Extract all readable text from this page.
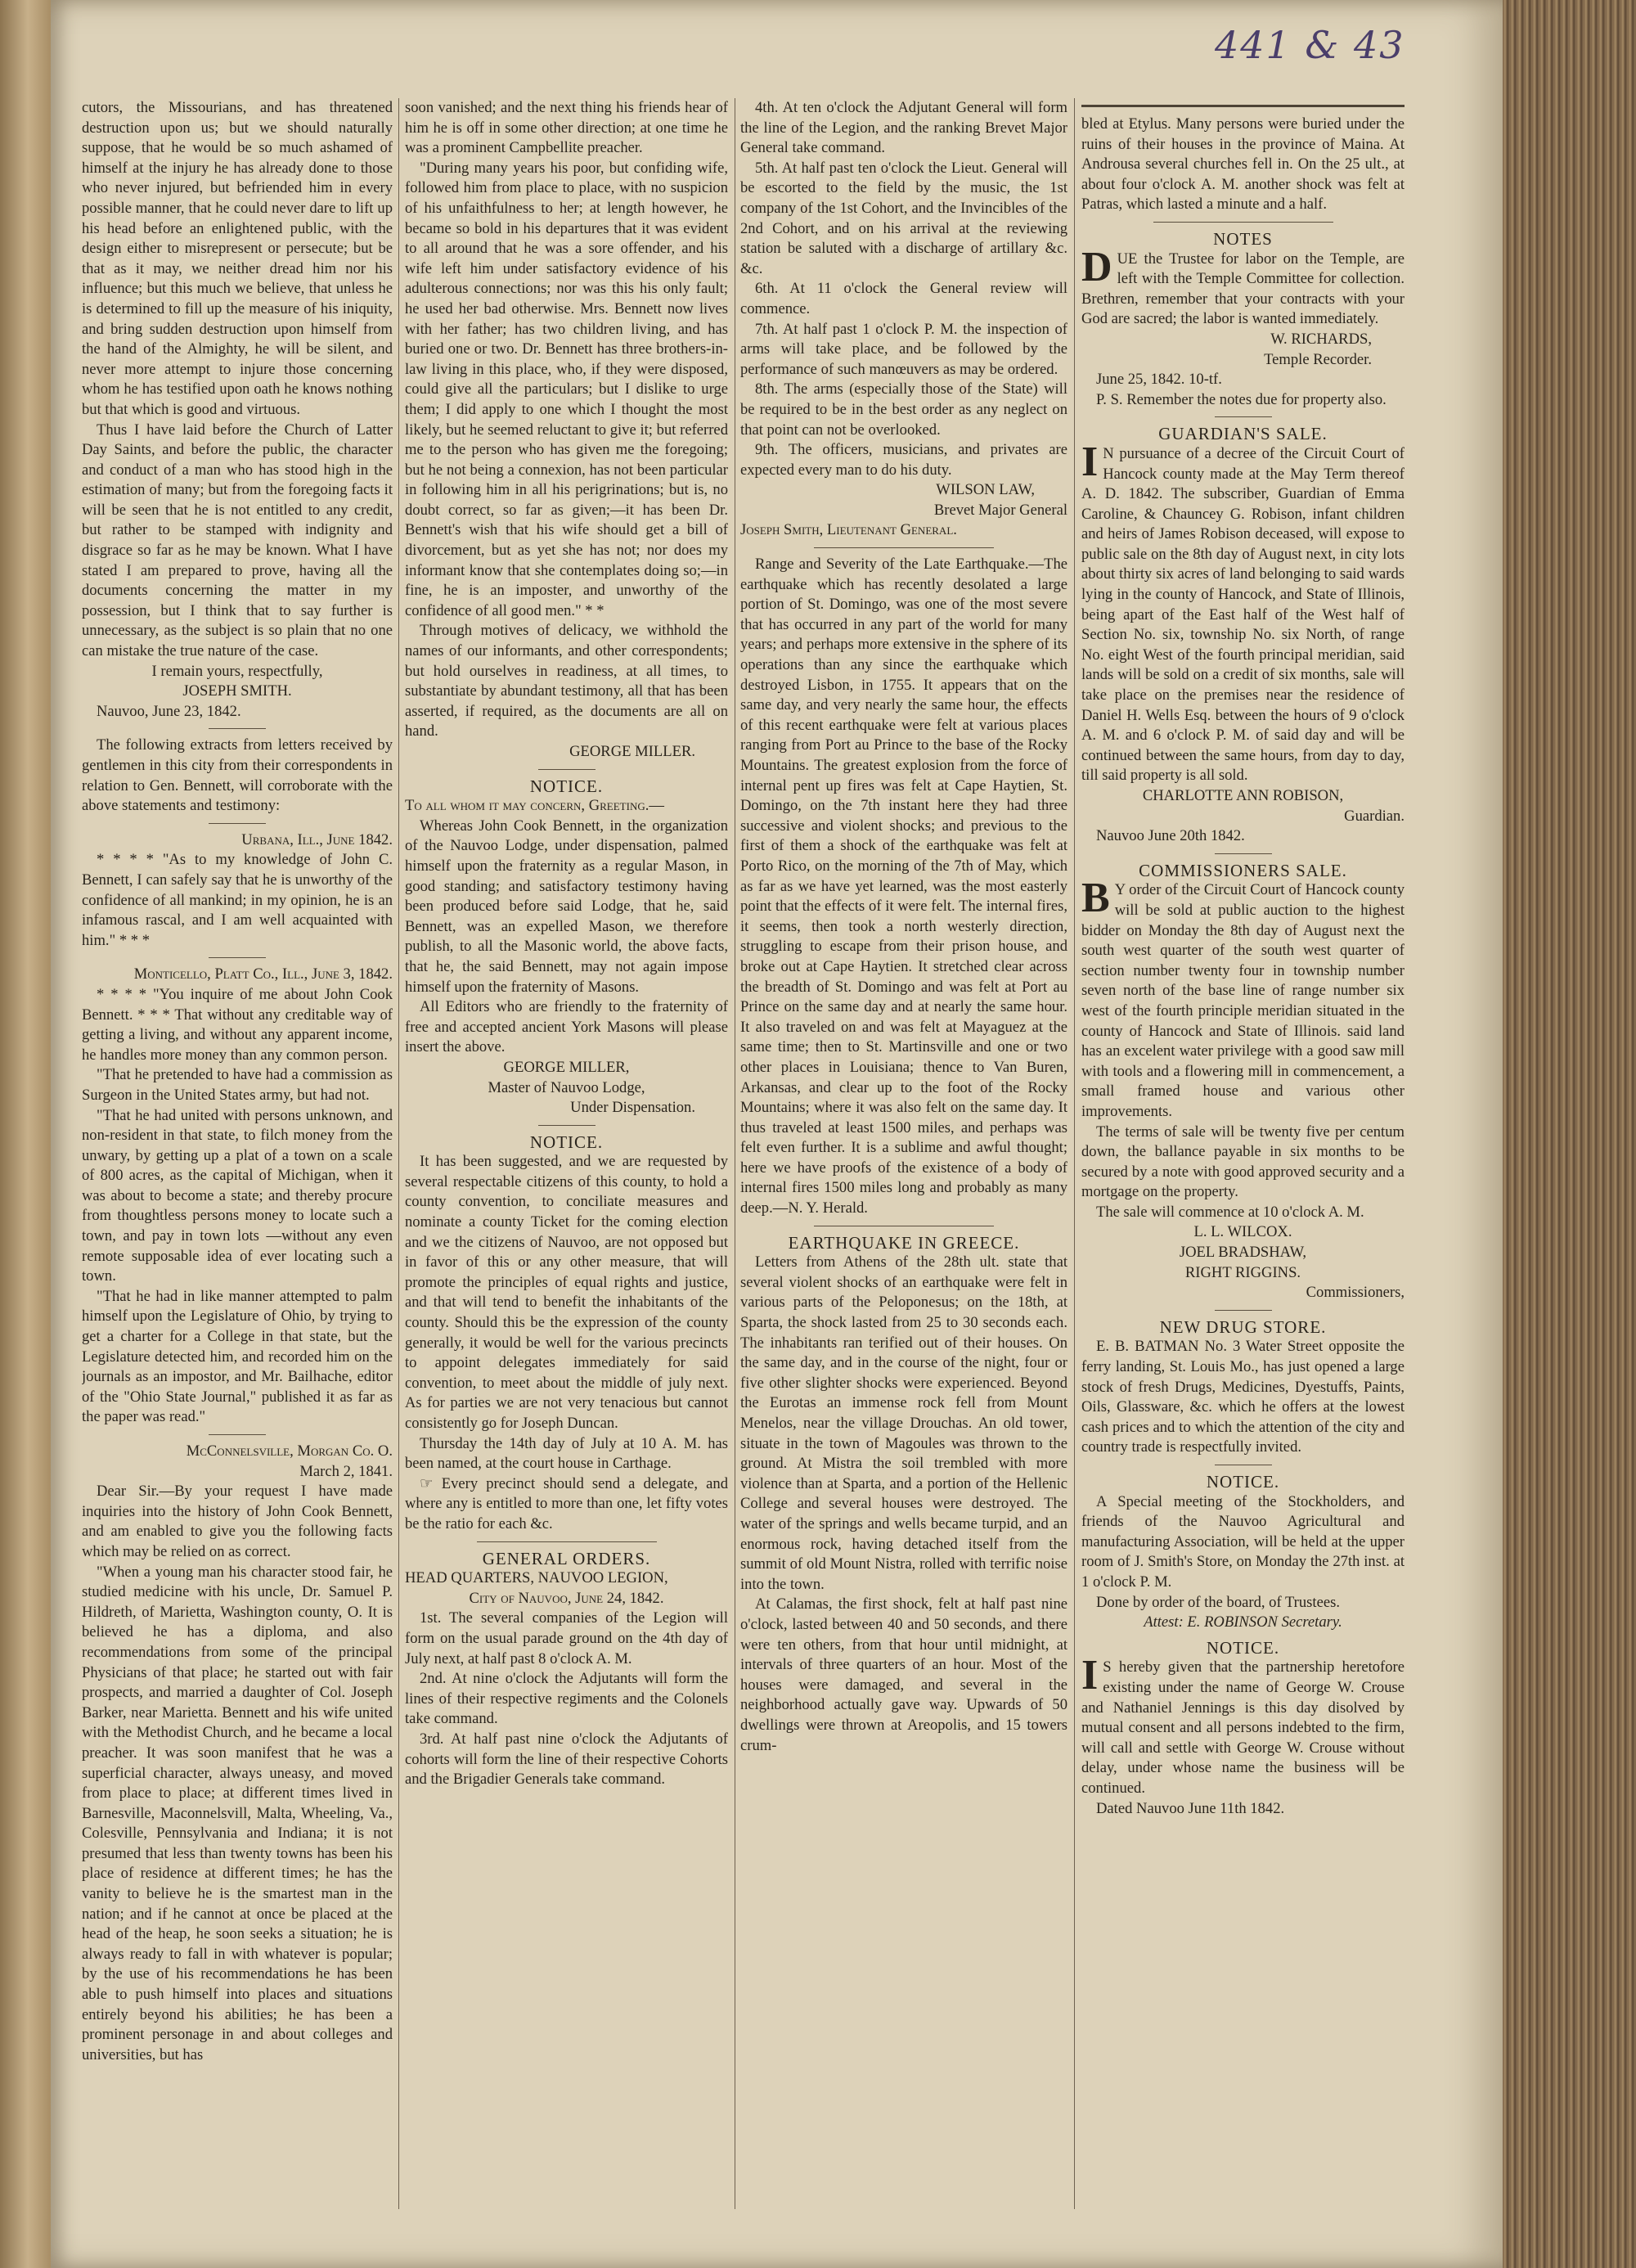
441 & 43

cutors, the Missourians, and has threatened destruction upon us; but we should naturally suppose, that he would be so much ashamed of himself at the injury he has already done to those who never injured, but befriended him in every possible manner, that he could never dare to lift up his head before an enlightened public, with the design either to misrepresent or persecute; but be that as it may, we neither dread him nor his influence; but this much we believe, that unless he is determined to fill up the measure of his iniquity, and bring sudden destruction upon himself from the hand of the Almighty, he will be silent, and never more attempt to injure those concerning whom he has testified upon oath he knows nothing but that which is good and virtuous.

Thus I have laid before the Church of Latter Day Saints, and before the public, the character and conduct of a man who has stood high in the estimation of many; but from the foregoing facts it will be seen that he is not entitled to any credit, but rather to be stamped with indignity and disgrace so far as he may be known. What I have stated I am prepared to prove, having all the documents concerning the matter in my possession, but I think that to say further is unnecessary, as the subject is so plain that no one can mistake the true nature of the case.

I remain yours, respectfully,

JOSEPH SMITH.

Nauvoo, June 23, 1842.

The following extracts from letters received by gentlemen in this city from their correspondents in relation to Gen. Bennett, will corroborate with the above statements and testimony:

Urbana, Ill., June 1842.

* * * * "As to my knowledge of John C. Bennett, I can safely say that he is unworthy of the confidence of all mankind; in my opinion, he is an infamous rascal, and I am well acquainted with him." * * *

Monticello, Platt Co., Ill., June 3, 1842.

* * * * "You inquire of me about John Cook Bennett. * * * That without any creditable way of getting a living, and without any apparent income, he handles more money than any common person.

"That he pretended to have had a commission as Surgeon in the United States army, but had not.

"That he had united with persons unknown, and non-resident in that state, to filch money from the unwary, by getting up a plat of a town on a scale of 800 acres, as the capital of Michigan, when it was about to become a state; and thereby procure from thoughtless persons money to locate such a town, and pay in town lots —without any even remote supposable idea of ever locating such a town.

"That he had in like manner attempted to palm himself upon the Legislature of Ohio, by trying to get a charter for a College in that state, but the Legislature detected him, and recorded him on the journals as an impostor, and Mr. Bailhache, editor of the "Ohio State Journal," published it as far as the paper was read."

McConnelsville, Morgan Co. O.

March 2, 1841.

Dear Sir.—By your request I have made inquiries into the history of John Cook Bennett, and am enabled to give you the following facts which may be relied on as correct.

"When a young man his character stood fair, he studied medicine with his uncle, Dr. Samuel P. Hildreth, of Marietta, Washington county, O. It is believed he has a diploma, and also recommendations from some of the principal Physicians of that place; he started out with fair prospects, and married a daughter of Col. Joseph Barker, near Marietta. Bennett and his wife united with the Methodist Church, and he became a local preacher. It was soon manifest that he was a superficial character, always uneasy, and moved from place to place; at different times lived in Barnesville, Maconnelsvill, Malta, Wheeling, Va., Colesville, Pennsylvania and Indiana; it is not presumed that less than twenty towns has been his place of residence at different times; he has the vanity to believe he is the smartest man in the nation; and if he cannot at once be placed at the head of the heap, he soon seeks a situation; he is always ready to fall in with whatever is popular; by the use of his recommendations he has been able to push himself into places and situations entirely beyond his abilities; he has been a prominent personage in and about colleges and universities, but has

soon vanished; and the next thing his friends hear of him he is off in some other direction; at one time he was a prominent Campbellite preacher.

"During many years his poor, but confiding wife, followed him from place to place, with no suspicion of his unfaithfulness to her; at length however, he became so bold in his departures that it was evident to all around that he was a sore offender, and his wife left him under satisfactory evidence of his adulterous connections; nor was this his only fault; he used her bad otherwise. Mrs. Bennett now lives with her father; has two children living, and has buried one or two. Dr. Bennett has three brothers-in-law living in this place, who, if they were disposed, could give all the particulars; but I dislike to urge them; I did apply to one which I thought the most likely, but he seemed reluctant to give it; but referred me to the person who has given me the foregoing; but he not being a connexion, has not been particular in following him in all his perigrinations; but is, no doubt correct, so far as given;—it has been Dr. Bennett's wish that his wife should get a bill of divorcement, but as yet she has not; nor does my informant know that she contemplates doing so;—in fine, he is an imposter, and unworthy of the confidence of all good men." * *

Through motives of delicacy, we withhold the names of our informants, and other correspondents; but hold ourselves in readiness, at all times, to substantiate by abundant testimony, all that has been asserted, if required, as the documents are all on hand.

GEORGE MILLER.

NOTICE.

To all whom it may concern, Greeting.—

Whereas John Cook Bennett, in the organization of the Nauvoo Lodge, under dispensation, palmed himself upon the fraternity as a regular Mason, in good standing; and satisfactory testimony having been produced before said Lodge, that he, said Bennett, was an expelled Mason, we therefore publish, to all the Masonic world, the above facts, that he, the said Bennett, may not again impose himself upon the fraternity of Masons.

All Editors who are friendly to the fraternity of free and accepted ancient York Masons will please insert the above.

GEORGE MILLER,

Master of Nauvoo Lodge,

Under Dispensation.

NOTICE.

It has been suggested, and we are requested by several respectable citizens of this county, to hold a county convention, to conciliate measures and nominate a county Ticket for the coming election and we the citizens of Nauvoo, are not opposed but in favor of this or any other measure, that will promote the principles of equal rights and justice, and that will tend to benefit the inhabitants of the county. Should this be the expression of the county generally, it would be well for the various precincts to appoint delegates immediately for said convention, to meet about the middle of july next. As for parties we are not very tenacious but cannot consistently go for Joseph Duncan.

Thursday the 14th day of July at 10 A. M. has been named, at the court house in Carthage.

☞ Every precinct should send a delegate, and where any is entitled to more than one, let fifty votes be the ratio for each &c.

GENERAL ORDERS.

HEAD QUARTERS, NAUVOO LEGION,

City of Nauvoo, June 24, 1842.

1st. The several companies of the Legion will form on the usual parade ground on the 4th day of July next, at half past 8 o'clock A. M.

2nd. At nine o'clock the Adjutants will form the lines of their respective regiments and the Colonels take command.

3rd. At half past nine o'clock the Adjutants of cohorts will form the line of their respective Cohorts and the Brigadier Generals take command.

4th. At ten o'clock the Adjutant General will form the line of the Legion, and the ranking Brevet Major General take command.

5th. At half past ten o'clock the Lieut. General will be escorted to the field by the music, the 1st company of the 1st Cohort, and the Invincibles of the 2nd Cohort, and on his arrival at the reviewing station be saluted with a discharge of artillary &c. &c.

6th. At 11 o'clock the General review will commence.

7th. At half past 1 o'clock P. M. the inspection of arms will take place, and be followed by the performance of such manœuvers as may be ordered.

8th. The arms (especially those of the State) will be required to be in the best order as any neglect on that point can not be overlooked.

9th. The officers, musicians, and privates are expected every man to do his duty.

WILSON LAW,

Brevet Major General

Joseph Smith, Lieutenant General.

Range and Severity of the Late Earthquake.—The earthquake which has recently desolated a large portion of St. Domingo, was one of the most severe that has occurred in any part of the world for many years; and perhaps more extensive in the sphere of its operations than any since the earthquake which destroyed Lisbon, in 1755. It appears that on the same day, and very nearly the same hour, the effects of this recent earthquake were felt at various places ranging from Port au Prince to the base of the Rocky Mountains. The greatest explosion from the force of internal pent up fires was felt at Cape Haytien, St. Domingo, on the 7th instant here they had three successive and violent shocks; and previous to the first of them a shock of the earthquake was felt at Porto Rico, on the morning of the 7th of May, which as far as we have yet learned, was the most easterly point that the effects of it were felt. The internal fires, it seems, then took a north westerly direction, struggling to escape from their prison house, and broke out at Cape Haytien. It stretched clear across the breadth of St. Domingo and was felt at Port au Prince on the same day and at nearly the same hour. It also traveled on and was felt at Mayaguez at the same time; then to St. Martinsville and one or two other places in Louisiana; thence to Van Buren, Arkansas, and clear up to the foot of the Rocky Mountains; where it was also felt on the same day. It thus traveled at least 1500 miles, and perhaps was felt even further. It is a sublime and awful thought; here we have proofs of the existence of a body of internal fires 1500 miles long and probably as many deep.—N. Y. Herald.

EARTHQUAKE IN GREECE.

Letters from Athens of the 28th ult. state that several violent shocks of an earthquake were felt in various parts of the Peloponesus; on the 18th, at Sparta, the shock lasted from 25 to 30 seconds each. The inhabitants ran terified out of their houses. On the same day, and in the course of the night, four or five other slighter shocks were experienced. Beyond the Eurotas an immense rock fell from Mount Menelos, near the village Drouchas. An old tower, situate in the town of Magoules was thrown to the ground. At Mistra the soil trembled with more violence than at Sparta, and a portion of the Hellenic College and several houses were destroyed. The water of the springs and wells became turpid, and an enormous rock, having detached itself from the summit of old Mount Nistra, rolled with terrific noise into the town.

At Calamas, the first shock, felt at half past nine o'clock, lasted between 40 and 50 seconds, and there were ten others, from that hour until midnight, at intervals of three quarters of an hour. Most of the houses were damaged, and several in the neighborhood actually gave way. Upwards of 50 dwellings were thrown at Areopolis, and 15 towers crum-

bled at Etylus. Many persons were buried under the ruins of their houses in the province of Maina. At Androusa several churches fell in. On the 25 ult., at about four o'clock A. M. another shock was felt at Patras, which lasted a minute and a half.

NOTES

DUE the Trustee for labor on the Temple, are left with the Temple Committee for collection. Brethren, remember that your contracts with your God are sacred; the labor is wanted immediately.

W. RICHARDS,

Temple Recorder.

June 25, 1842. 10-tf.

P. S. Remember the notes due for property also.

GUARDIAN'S SALE.

IN pursuance of a decree of the Circuit Court of Hancock county made at the May Term thereof A. D. 1842. The subscriber, Guardian of Emma Caroline, & Chauncey G. Robison, infant children and heirs of James Robison deceased, will expose to public sale on the 8th day of August next, in city lots about thirty six acres of land belonging to said wards lying in the county of Hancock, and State of Illinois, being apart of the East half of the West half of Section No. six, township No. six North, of range No. eight West of the fourth principal meridian, said lands will be sold on a credit of six months, sale will take place on the premises near the residence of Daniel H. Wells Esq. between the hours of 9 o'clock A. M. and 6 o'clock P. M. of said day and will be continued between the same hours, from day to day, till said property is all sold.

CHARLOTTE ANN ROBISON,

Guardian.

Nauvoo June 20th 1842.

COMMISSIONERS SALE.

BY order of the Circuit Court of Hancock county will be sold at public auction to the highest bidder on Monday the 8th day of August next the south west quarter of the south west quarter of section number twenty four in township number seven north of the base line of range number six west of the fourth principle meridian situated in the county of Hancock and State of Illinois. said land has an excelent water privilege with a good saw mill with tools and a flowering mill in commencement, a small framed house and various other improvements.

The terms of sale will be twenty five per centum down, the ballance payable in six months to be secured by a note with good approved security and a mortgage on the property.

The sale will commence at 10 o'clock A. M.

L. L. WILCOX.

JOEL BRADSHAW,

RIGHT RIGGINS.

Commissioners,

NEW DRUG STORE.

E. B. BATMAN No. 3 Water Street opposite the ferry landing, St. Louis Mo., has just opened a large stock of fresh Drugs, Medicines, Dyestuffs, Paints, Oils, Glassware, &c. which he offers at the lowest cash prices and to which the attention of the city and country trade is respectfully invited.

NOTICE.

A Special meeting of the Stockholders, and friends of the Nauvoo Agricultural and manufacturing Association, will be held at the upper room of J. Smith's Store, on Monday the 27th inst. at 1 o'clock P. M.

Done by order of the board, of Trustees.

Attest: E. ROBINSON Secretary.

NOTICE.

IS hereby given that the partnership heretofore existing under the name of George W. Crouse and Nathaniel Jennings is this day disolved by mutual consent and all persons indebted to the firm, will call and settle with George W. Crouse without delay, under whose name the business will be continued.

Dated Nauvoo June 11th 1842.
